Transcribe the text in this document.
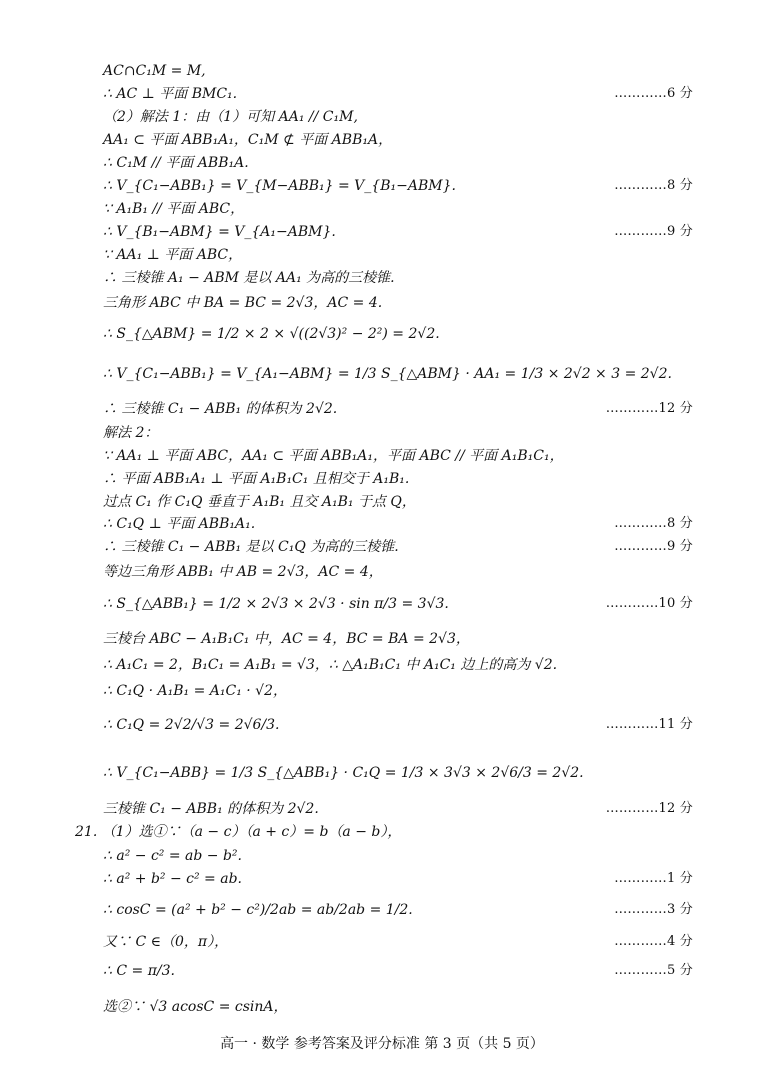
AC∩C₁M = M,
∴ AC ⊥ 平面 BMC₁.	…………6 分
（2）解法 1：由（1）可知 AA₁ // C₁M,
AA₁ ⊂ 平面 ABB₁A₁，C₁M ⊄ 平面 ABB₁A，
∴ C₁M // 平面 ABB₁A.
∴ V_{C₁−ABB₁} = V_{M−ABB₁} = V_{B₁−ABM}.	…………8 分
∵ A₁B₁ // 平面 ABC，
∴ V_{B₁−ABM} = V_{A₁−ABM}.	…………9 分
∵ AA₁ ⊥ 平面 ABC，
∴ 三棱锥 A₁ − ABM 是以 AA₁ 为高的三棱锥.
三角形 ABC 中 BA = BC = 2√3，AC = 4.
∴ S_{△ABM} = 1/2 × 2 × √((2√3)² − 2²) = 2√2.
∴ V_{C₁−ABB₁} = V_{A₁−ABM} = 1/3 S_{△ABM} · AA₁ = 1/3 × 2√2 × 3 = 2√2.
∴ 三棱锥 C₁ − ABB₁ 的体积为 2√2.	…………12 分
解法 2：
∵ AA₁ ⊥ 平面 ABC，AA₁ ⊂ 平面 ABB₁A₁，平面 ABC // 平面 A₁B₁C₁，
∴ 平面 ABB₁A₁ ⊥ 平面 A₁B₁C₁ 且相交于 A₁B₁.
过点 C₁ 作 C₁Q 垂直于 A₁B₁ 且交 A₁B₁ 于点 Q，
∴ C₁Q ⊥ 平面 ABB₁A₁.	…………8 分
∴ 三棱锥 C₁ − ABB₁ 是以 C₁Q 为高的三棱锥.	…………9 分
等边三角形 ABB₁ 中 AB = 2√3，AC = 4，
∴ S_{△ABB₁} = 1/2 × 2√3 × 2√3 · sin π/3 = 3√3.	…………10 分
三棱台 ABC − A₁B₁C₁ 中，AC = 4，BC = BA = 2√3，
∴ A₁C₁ = 2，B₁C₁ = A₁B₁ = √3，∴ △A₁B₁C₁ 中 A₁C₁ 边上的高为 √2.
∴ C₁Q · A₁B₁ = A₁C₁ · √2，
∴ C₁Q = 2√2/√3 = 2√6/3.	…………11 分
∴ V_{C₁−ABB} = 1/3 S_{△ABB₁} · C₁Q = 1/3 × 3√3 × 2√6/3 = 2√2.
三棱锥 C₁ − ABB₁ 的体积为 2√2.	…………12 分
21. （1）选①∵（a − c）（a + c）= b（a − b），
∴ a² − c² = ab − b².
∴ a² + b² − c² = ab.	…………1 分
∴ cosC = (a² + b² − c²)/2ab = ab/2ab = 1/2.	…………3 分
又∵ C ∈（0，π），	…………4 分
∴ C = π/3.	…………5 分
选②∵ √3 acosC = csinA，
高一 · 数学 参考答案及评分标准 第 3 页（共 5 页）
